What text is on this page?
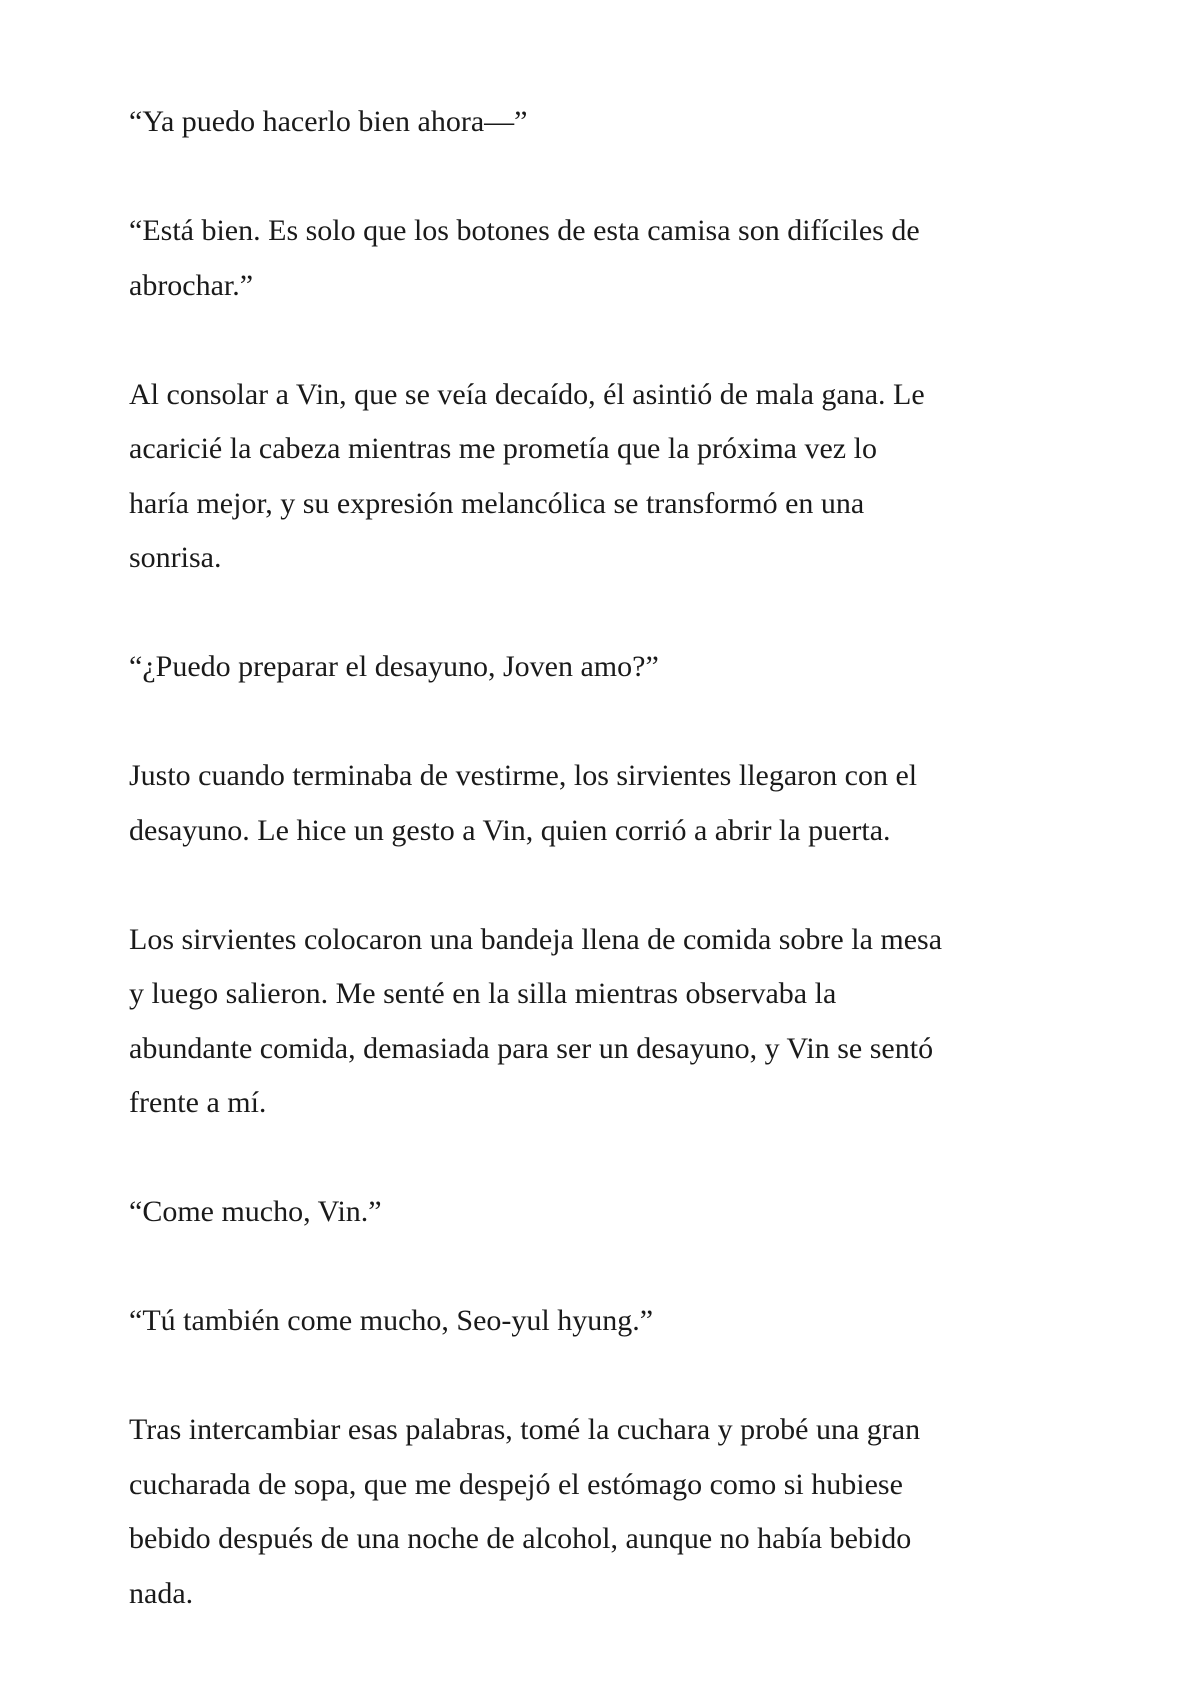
“Ya puedo hacerlo bien ahora—”
“Está bien. Es solo que los botones de esta camisa son difíciles de
abrochar.”
Al consolar a Vin, que se veía decaído, él asintió de mala gana. Le
acaricié la cabeza mientras me prometía que la próxima vez lo
haría mejor, y su expresión melancólica se transformó en una
sonrisa.
“¿Puedo preparar el desayuno, Joven amo?”
Justo cuando terminaba de vestirme, los sirvientes llegaron con el
desayuno. Le hice un gesto a Vin, quien corrió a abrir la puerta.
Los sirvientes colocaron una bandeja llena de comida sobre la mesa
y luego salieron. Me senté en la silla mientras observaba la
abundante comida, demasiada para ser un desayuno, y Vin se sentó
frente a mí.
“Come mucho, Vin.”
“Tú también come mucho, Seo-yul hyung.”
Tras intercambiar esas palabras, tomé la cuchara y probé una gran
cucharada de sopa, que me despejó el estómago como si hubiese
bebido después de una noche de alcohol, aunque no había bebido
nada.
